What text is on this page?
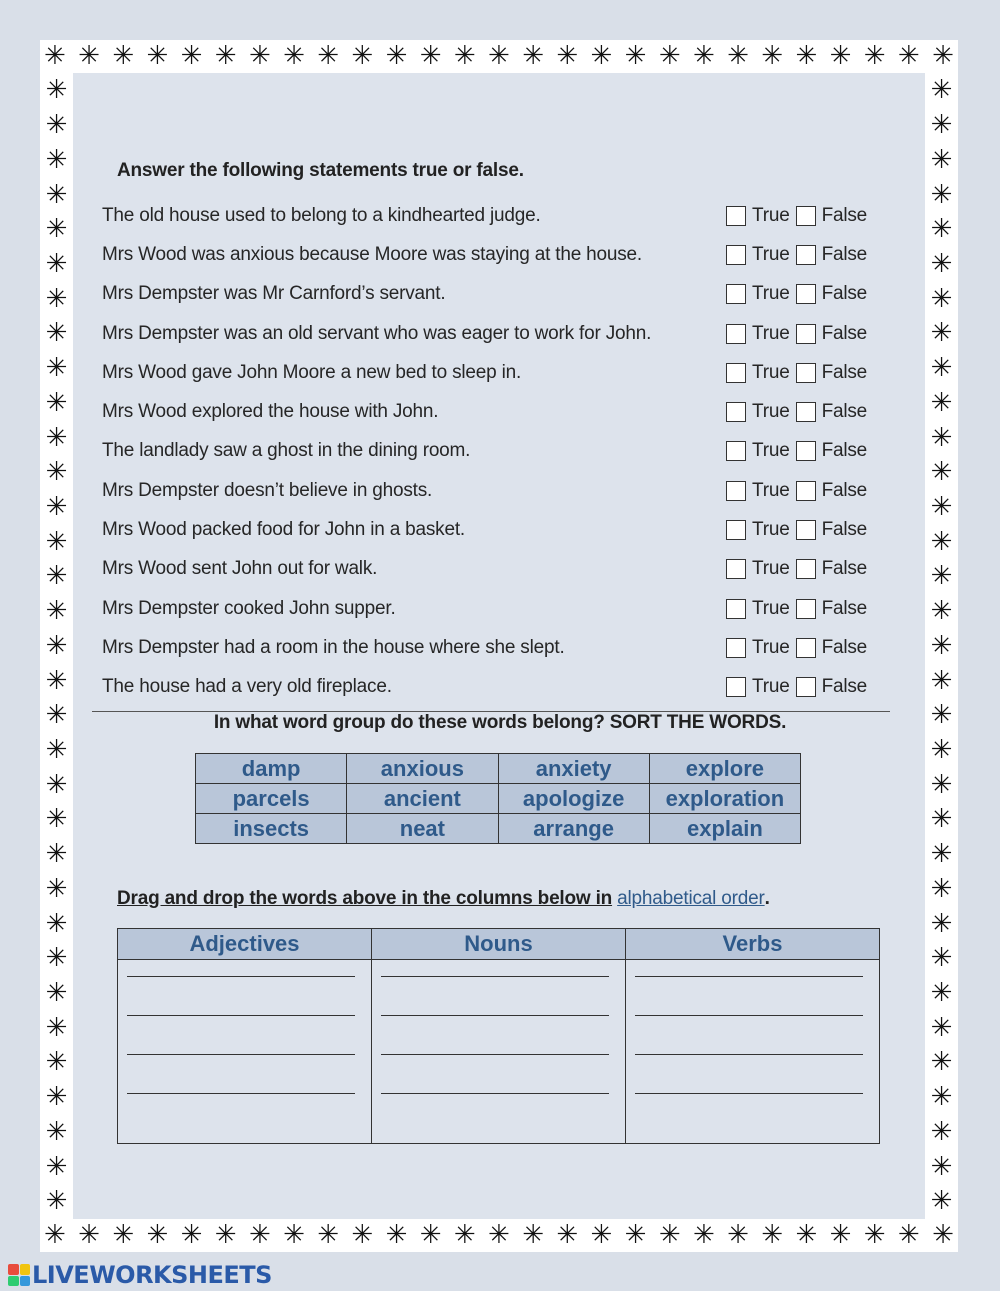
✳ ✳ ✳ ✳ ✳ ✳ ✳ ✳ ✳ ✳ ✳ ✳ ✳ ✳ ✳ ✳ ✳ ✳ ✳ ✳ ✳ ✳ ✳ ✳ ✳ ✳ ✳
✳ ✳ ✳ ✳ ✳ ✳ ✳ ✳ ✳ ✳ ✳ ✳ ✳ ✳ ✳ ✳ ✳ ✳ ✳ ✳ ✳ ✳ ✳ ✳ ✳ ✳ ✳
✳
✳
✳
✳
✳
✳
✳
✳
✳
✳
✳
✳
✳
✳
✳
✳
✳
✳
✳
✳
✳
✳
✳
✳
✳
✳
✳
✳
✳
✳
✳
✳
✳
✳
✳
✳
✳
✳
✳
✳
✳
✳
✳
✳
✳
✳
✳
✳
✳
✳
✳
✳
✳
✳
✳
✳
✳
✳
✳
✳
✳
✳
✳
✳
✳
✳
Answer the following statements true or false.
The old house used to belong to a kindhearted judge.	True False
Mrs Wood was anxious because Moore was staying at the house.	True False
Mrs Dempster was Mr Carnford’s servant.	True False
Mrs Dempster was an old servant who was eager to work for John.	True False
Mrs Wood gave John Moore a new bed to sleep in.	True False
Mrs Wood explored the house with John.	True False
The landlady saw a ghost in the dining room.	True False
Mrs Dempster doesn’t believe in ghosts.	True False
Mrs Wood packed food for John in a basket.	True False
Mrs Wood sent John out for walk.	True False
Mrs Dempster cooked John supper.	True False
Mrs Dempster had a room in the house where she slept.	True False
The house had a very old fireplace.	True False
In what word group do these words belong? SORT THE WORDS.
damp	anxious	anxiety	explore
parcels	ancient	apologize	exploration
insects	neat	arrange	explain
Drag and drop the words above in the columns below in alphabetical order.
Adjectives	Nouns	Verbs
LIVEWORKSHEETS
